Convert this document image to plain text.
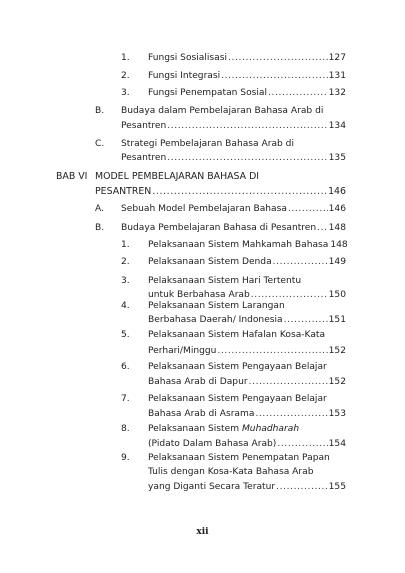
1. Fungsi Sosialisasi .....	127
2. Fungsi Integrasi .....	131
3. Fungsi Penempatan Sosial .....	132
B. Budaya dalam Pembelajaran Bahasa Arab di
Pesantren .....	134
C. Strategi Pembelajaran Bahasa Arab di
Pesantren .....	135
BAB VI MODEL PEMBELAJARAN BAHASA DI
PESANTREN .....	146
A. Sebuah Model Pembelajaran Bahasa .....	146
B. Budaya Pembelajaran Bahasa di Pesantren ..... 148
1. Pelaksanaan Sistem Mahkamah Bahasa 148
2. Pelaksanaan Sistem Denda .....	149
3. Pelaksanaan Sistem Hari Tertentu
untuk Berbahasa Arab .....	150
4. Pelaksanaan Sistem Larangan
Berbahasa Daerah/ Indonesia .....	151
5. Pelaksanaan Sistem Hafalan Kosa-Kata
Perhari/Minggu .....	152
6. Pelaksanaan Sistem Pengayaan Belajar
Bahasa Arab di Dapur .....	152
7. Pelaksanaan Sistem Pengayaan Belajar
Bahasa Arab di Asrama .....	153
8. Pelaksanaan Sistem Muhadharah
(Pidato Dalam Bahasa Arab) .....	154
9. Pelaksanaan Sistem Penempatan Papan
Tulis dengan Kosa-Kata Bahasa Arab
yang Diganti Secara Teratur .....	155
xii
